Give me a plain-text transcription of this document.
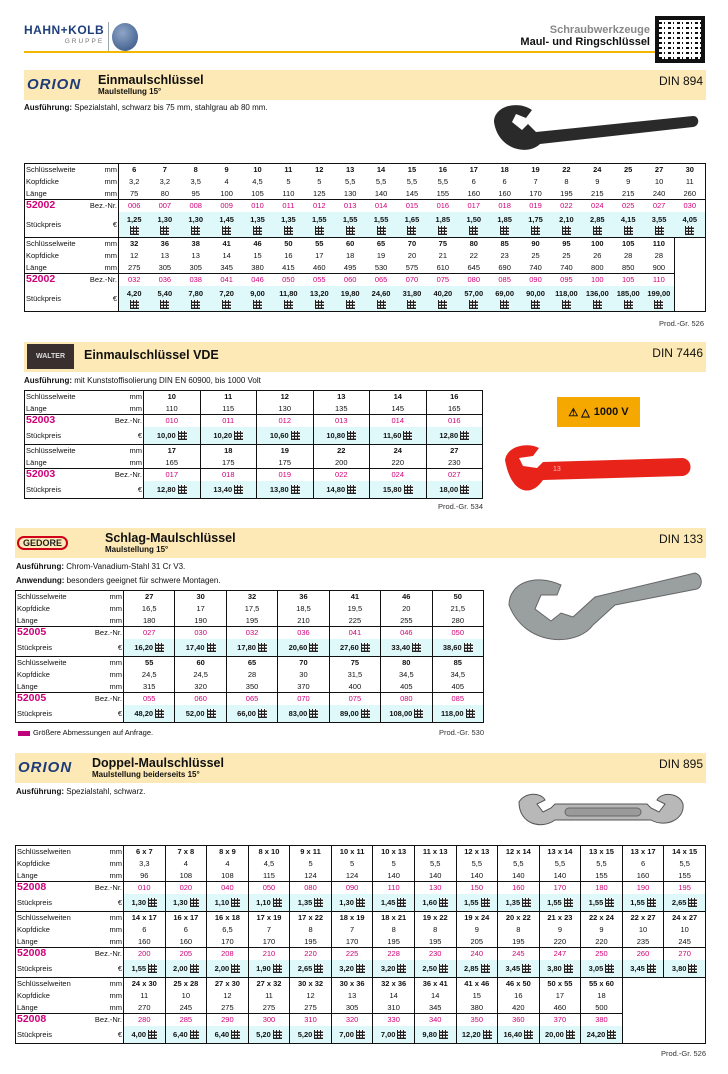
HAHN+KOLB
GRUPPE
Schraubwerkzeuge
Maul- und Ringschlüssel
ORION Einmaulschlüssel
Maulstellung 15°
DIN 894
Ausführung: Spezialstahl, schwarz bis 75 mm, stahlgrau ab 80 mm.
Schlüsselweite mm	6	7	8	9	10	11	12	13	14	15	16	17	18	19	22	24	25	27	30
Kopfdicke mm	3,2	3,2	3,5	4	4,5	5	5	5,5	5,5	5,5	5,5	6	6	7	8	9	9	10	11
Länge mm	75	80	95	100	105	110	125	130	140	145	155	160	160	170	195	215	215	240	260
52002 Bez.-Nr.	006	007	008	009	010	011	012	013	014	015	016	017	018	019	022	024	025	027	030
Stückpreis €	1,25	1,30	1,30	1,45	1,35	1,35	1,55	1,55	1,55	1,65	1,85	1,50	1,85	1,75	2,10	2,85	4,15	3,55	4,05

Schlüsselweite mm	32	36	38	41	46	50	55	60	65	70	75	80	85	90	95	100	105	110	
Kopfdicke mm	12	13	13	14	15	16	17	18	19	20	21	22	23	25	25	26	28	28	
Länge mm	275	305	305	345	380	415	460	495	530	575	610	645	690	740	740	800	850	900	
52002 Bez.-Nr.	032	036	038	041	046	050	055	060	065	070	075	080	085	090	095	100	105	110	
Stückpreis €	4,20	5,40	7,80	7,20	9,00	11,80	13,20	19,80	24,60	31,80	40,20	57,00	69,00	90,00	118,00	136,00	185,00	199,00	
Prod.-Gr. 526
WALTER	Einmaulschlüssel VDE	DIN 7446
Ausführung: mit Kunststoffisolierung DIN EN 60900, bis 1000 Volt
⚠ △ 1000 V
13
Schlüsselweite mm	10	11	12	13	14	16
Länge mm	110	115	130	135	145	165
52003 Bez.-Nr.	010	011	012	013	014	016
Stückpreis €	10,00	10,20	10,60	10,80	11,60	12,80
Schlüsselweite mm	17	18	19	22	24	27
Länge mm	165	175	175	200	220	230
52003 Bez.-Nr.	017	018	019	022	024	027
Stückpreis €	12,80	13,40	13,80	14,80	15,80	18,00
Prod.-Gr. 534
GEDORE	Schlag-Maulschlüssel
Maulstellung 15°
DIN 133
Ausführung: Chrom-Vanadium-Stahl 31 Cr V3.
Anwendung: besonders geeignet für schwere Montagen.
Schlüsselweite mm	27	30	32	36	41	46	50
Kopfdicke mm	16,5	17	17,5	18,5	19,5	20	21,5
Länge mm	180	190	195	210	225	255	280
52005 Bez.-Nr.	027	030	032	036	041	046	050
Stückpreis €	16,20	17,40	17,80	20,60	27,60	33,40	38,60
Schlüsselweite mm	55	60	65	70	75	80	85
Kopfdicke mm	24,5	24,5	28	30	31,5	34,5	34,5
Länge mm	315	320	350	370	400	405	405
52005 Bez.-Nr.	055	060	065	070	075	080	085
Stückpreis €	48,20	52,00	66,00	83,00	89,00	108,00	118,00
Größere Abmessungen auf Anfrage.	Prod.-Gr. 530
ORION Doppel-Maulschlüssel
Maulstellung beiderseits 15°
DIN 895
Ausführung: Spezialstahl, schwarz.
Schlüsselweiten mm	6 x 7	7 x 8	8 x 9	8 x 10	9 x 11	10 x 11	10 x 13	11 x 13	12 x 13	12 x 14	13 x 14	13 x 15	13 x 17	14 x 15
Kopfdicke mm	3,3	4	4	4,5	5	5	5	5,5	5,5	5,5	5,5	5,5	6	5,5
Länge mm	96	108	108	115	124	124	140	140	140	140	140	155	160	155
52008 Bez.-Nr.	010	020	040	050	080	090	110	130	150	160	170	180	190	195
Stückpreis €	1,30	1,30	1,10	1,10	1,35	1,30	1,45	1,60	1,55	1,35	1,55	1,55	1,55	2,65
Schlüsselweiten mm	14 x 17	16 x 17	16 x 18	17 x 19	17 x 22	18 x 19	18 x 21	19 x 22	19 x 24	20 x 22	21 x 23	22 x 24	22 x 27	24 x 27
Kopfdicke mm	6	6	6,5	7	8	7	8	8	9	8	9	9	10	10
Länge mm	160	160	170	170	195	170	195	195	205	195	220	220	235	245
52008 Bez.-Nr.	200	205	208	210	220	225	228	230	240	245	247	250	260	270
Stückpreis €	1,55	2,00	2,00	1,90	2,65	3,20	3,20	2,50	2,85	3,45	3,80	3,05	3,45	3,80
Schlüsselweiten mm	24 x 30	25 x 28	27 x 30	27 x 32	30 x 32	30 x 36	32 x 36	36 x 41	41 x 46	46 x 50	50 x 55	55 x 60		
Kopfdicke mm	11	10	12	11	12	13	14	14	15	16	17	18		
Länge mm	270	245	275	275	275	305	310	345	380	420	460	500		
52008 Bez.-Nr.	280	285	290	300	310	320	330	340	350	360	370	380		
Stückpreis €	4,00	6,40	6,40	5,20	5,20	7,00	7,00	9,80	12,20	16,40	20,00	24,20		
Prod.-Gr. 526
